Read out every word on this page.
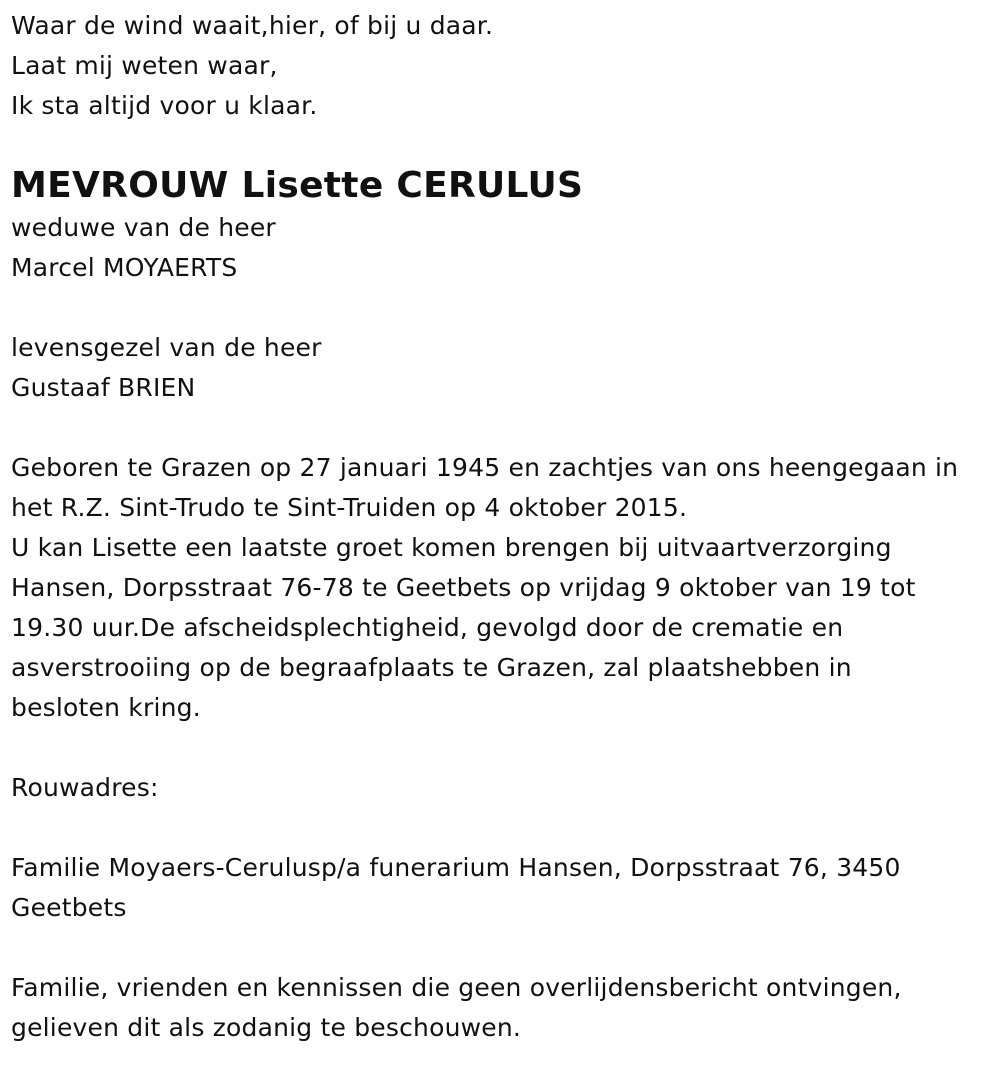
Waar de wind waait,hier, of bij u daar.
Laat mij weten waar,
Ik sta altijd voor u klaar.
MEVROUW Lisette CERULUS
weduwe van de heer
Marcel MOYAERTS
levensgezel van de heer
Gustaaf BRIEN
Geboren te Grazen op 27 januari 1945 en zachtjes van ons heengegaan in
het R.Z. Sint-Trudo te Sint-Truiden op 4 oktober 2015.
U kan Lisette een laatste groet komen brengen bij uitvaartverzorging
Hansen, Dorpsstraat 76-78 te Geetbets op vrijdag 9 oktober van 19 tot
19.30 uur.De afscheidsplechtigheid, gevolgd door de crematie en
asverstrooiing op de begraafplaats te Grazen, zal plaatshebben in
besloten kring.
Rouwadres:
Familie Moyaers-Cerulusp/a funerarium Hansen, Dorpsstraat 76, 3450
Geetbets
Familie, vrienden en kennissen die geen overlijdensbericht ontvingen,
gelieven dit als zodanig te beschouwen.
